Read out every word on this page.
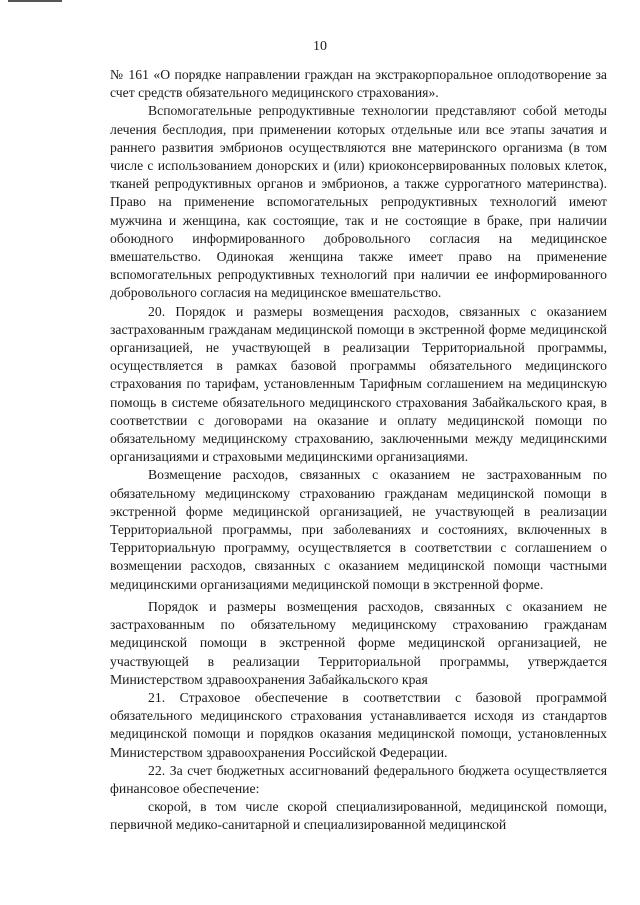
10

№ 161 «О порядке направлении граждан на экстракорпоральное оплодотворение за счет средств обязательного медицинского страхования».

Вспомогательные репродуктивные технологии представляют собой методы лечения бесплодия, при применении которых отдельные или все этапы зачатия и раннего развития эмбрионов осуществляются вне материнского организма (в том числе с использованием донорских и (или) криоконсервированных половых клеток, тканей репродуктивных органов и эмбрионов, а также суррогатного материнства). Право на применение вспомогательных репродуктивных технологий имеют мужчина и женщина, как состоящие, так и не состоящие в браке, при наличии обоюдного информированного добровольного согласия на медицинское вмешательство. Одинокая женщина также имеет право на применение вспомогательных репродуктивных технологий при наличии ее информированного добровольного согласия на медицинское вмешательство.

20. Порядок и размеры возмещения расходов, связанных с оказанием застрахованным гражданам медицинской помощи в экстренной форме медицинской организацией, не участвующей в реализации Территориальной программы, осуществляется в рамках базовой программы обязательного медицинского страхования по тарифам, установленным Тарифным соглашением на медицинскую помощь в системе обязательного медицинского страхования Забайкальского края, в соответствии с договорами на оказание и оплату медицинской помощи по обязательному медицинскому страхованию, заключенными между медицинскими организациями и страховыми медицинскими организациями.

Возмещение расходов, связанных с оказанием не застрахованным по обязательному медицинскому страхованию гражданам медицинской помощи в экстренной форме медицинской организацией, не участвующей в реализации Территориальной программы, при заболеваниях и состояниях, включенных в Территориальную программу, осуществляется в соответствии с соглашением о возмещении расходов, связанных с оказанием медицинской помощи частными медицинскими организациями медицинской помощи в экстренной форме.

Порядок и размеры возмещения расходов, связанных с оказанием не застрахованным по обязательному медицинскому страхованию гражданам медицинской помощи в экстренной форме медицинской организацией, не участвующей в реализации Территориальной программы, утверждается Министерством здравоохранения Забайкальского края

21. Страховое обеспечение в соответствии с базовой программой обязательного медицинского страхования устанавливается исходя из стандартов медицинской помощи и порядков оказания медицинской помощи, установленных Министерством здравоохранения Российской Федерации.

22. За счет бюджетных ассигнований федерального бюджета осуществляется финансовое обеспечение:

скорой, в том числе скорой специализированной, медицинской помощи, первичной медико-санитарной и специализированной медицинской
